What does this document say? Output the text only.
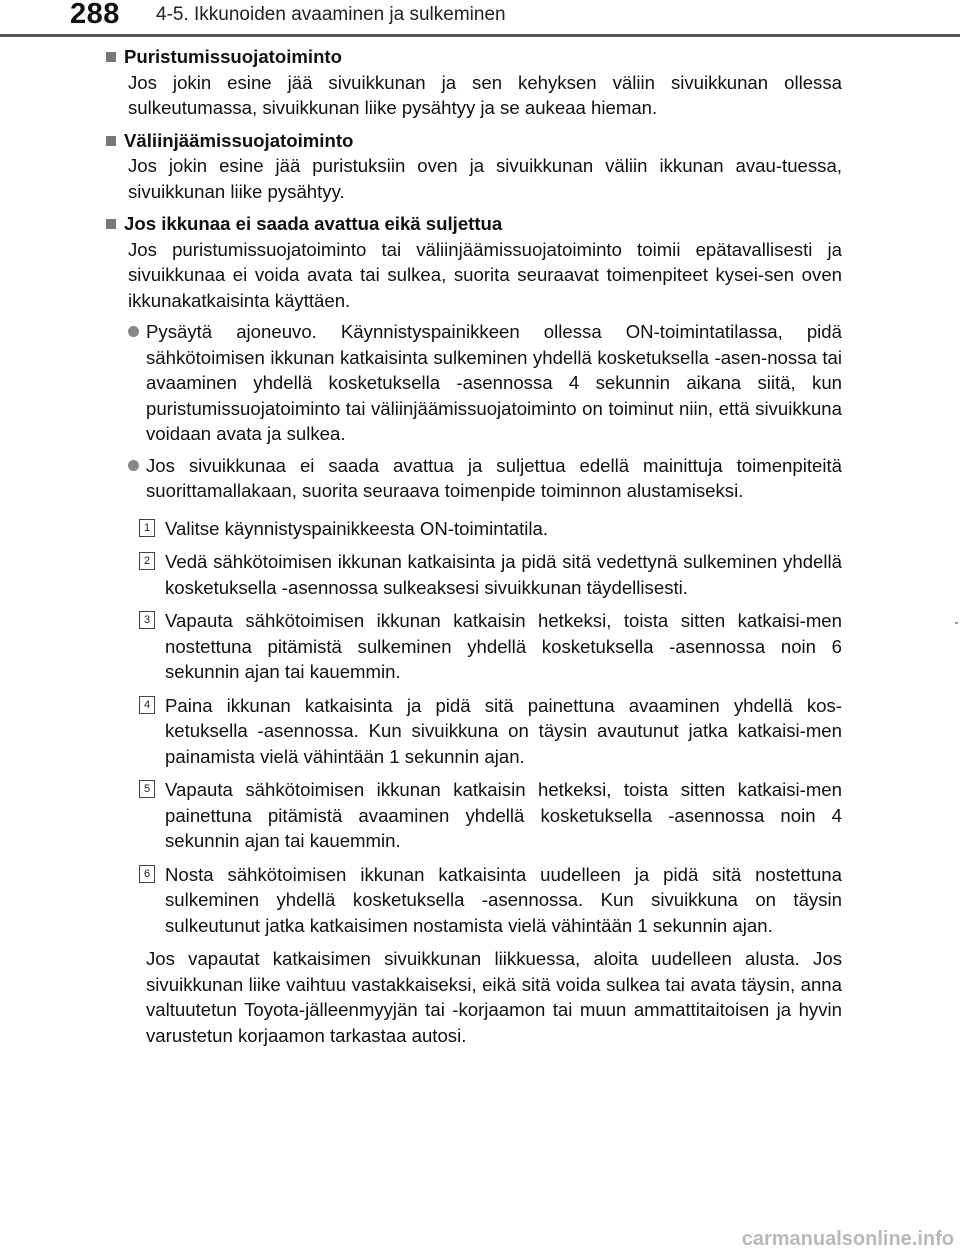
288 4-5. Ikkunoiden avaaminen ja sulkeminen
Puristumissuojatoiminto
Jos jokin esine jää sivuikkunan ja sen kehyksen väliin sivuikkunan ollessa sulkeutumassa, sivuikkunan liike pysähtyy ja se aukeaa hieman.
Väliinjäämissuojatoiminto
Jos jokin esine jää puristuksiin oven ja sivuikkunan väliin ikkunan avau-tuessa, sivuikkunan liike pysähtyy.
Jos ikkunaa ei saada avattua eikä suljettua
Jos puristumissuojatoiminto tai väliinjäämissuojatoiminto toimii epätavallisesti ja sivuikkunaa ei voida avata tai sulkea, suorita seuraavat toimenpiteet kysei-sen oven ikkunakatkaisinta käyttäen.
Pysäytä ajoneuvo. Käynnistyspainikkeen ollessa ON-toimintatilassa, pidä sähkötoimisen ikkunan katkaisinta sulkeminen yhdellä kosketuksella -asen-nossa tai avaaminen yhdellä kosketuksella -asennossa 4 sekunnin aikana siitä, kun puristumissuojatoiminto tai väliinjäämissuojatoiminto on toiminut niin, että sivuikkuna voidaan avata ja sulkea.
Jos sivuikkunaa ei saada avattua ja suljettua edellä mainittuja toimenpiteitä suorittamallakaan, suorita seuraava toimenpide toiminnon alustamiseksi.
1 Valitse käynnistyspainikkeesta ON-toimintatila.
2 Vedä sähkötoimisen ikkunan katkaisinta ja pidä sitä vedettynä sulkeminen yhdellä kosketuksella -asennossa sulkeaksesi sivuikkunan täydellisesti.
3 Vapauta sähkötoimisen ikkunan katkaisin hetkeksi, toista sitten katkaisi-men nostettuna pitämistä sulkeminen yhdellä kosketuksella -asennossa noin 6 sekunnin ajan tai kauemmin.
4 Paina ikkunan katkaisinta ja pidä sitä painettuna avaaminen yhdellä kos-ketuksella -asennossa. Kun sivuikkuna on täysin avautunut jatka katkaisi-men painamista vielä vähintään 1 sekunnin ajan.
5 Vapauta sähkötoimisen ikkunan katkaisin hetkeksi, toista sitten katkaisi-men painettuna pitämistä avaaminen yhdellä kosketuksella -asennossa noin 4 sekunnin ajan tai kauemmin.
6 Nosta sähkötoimisen ikkunan katkaisinta uudelleen ja pidä sitä nostettuna sulkeminen yhdellä kosketuksella -asennossa. Kun sivuikkuna on täysin sulkeutunut jatka katkaisimen nostamista vielä vähintään 1 sekunnin ajan.
Jos vapautat katkaisimen sivuikkunan liikkuessa, aloita uudelleen alusta. Jos sivuikkunan liike vaihtuu vastakkaiseksi, eikä sitä voida sulkea tai avata täysin, anna valtuutetun Toyota-jälleenmyyjän tai -korjaamon tai muun ammattitaitoisen ja hyvin varustetun korjaamon tarkastaa autosi.
carmanualsonline.info
